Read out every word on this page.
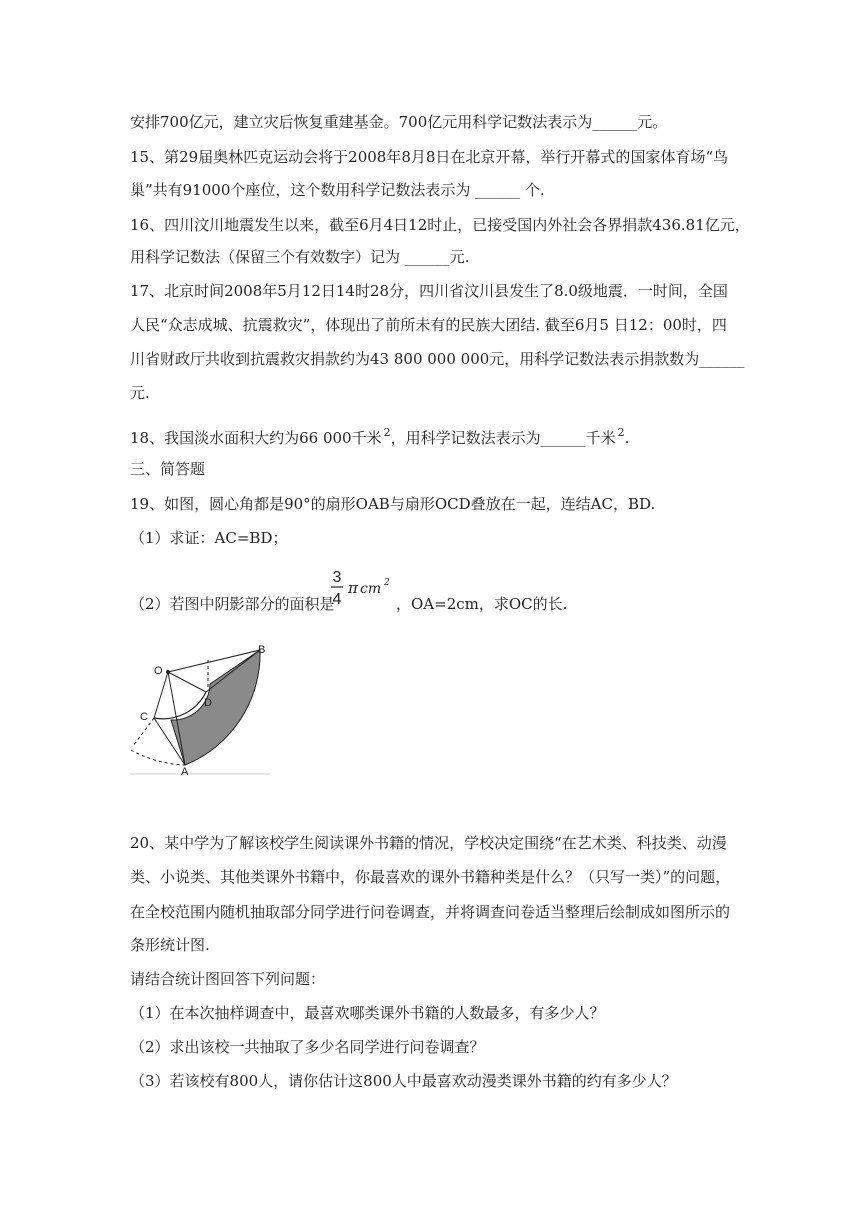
安排700亿元，建立灾后恢复重建基金。700亿元用科学记数法表示为______元。
15、第29届奥林匹克运动会将于2008年8月8日在北京开幕，举行开幕式的国家体育场“鸟
巢”共有91000个座位，这个数用科学记数法表示为 ______ 个.
16、四川汶川地震发生以来，截至6月4日12时止，已接受国内外社会各界捐款436.81亿元，
用科学记数法（保留三个有效数字）记为 ______元.
17、北京时间2008年5月12日14时28分，四川省汶川县发生了8.0级地震．一时间，全国
人民“众志成城、抗震救灾”，体现出了前所未有的民族大团结. 截至6月5 日12：00时，四
川省财政厅共收到抗震救灾捐款约为43 800 000 000元，用科学记数法表示捐款数为______
元.
18、我国淡水面积大约为66 000千米 $^2$，用科学记数法表示为______千米 $^2$.
三、简答题
19、如图，圆心角都是90°的扇形OAB与扇形OCD叠放在一起，连结AC，BD.
（1）求证：AC=BD；
（2）若图中阴影部分的面积是
3
4
π cm 2
，OA=2cm，求OC的长.
O
B
C
D
A
20、某中学为了解该校学生阅读课外书籍的情况，学校决定围绕“在艺术类、科技类、动漫
类、小说类、其他类课外书籍中，你最喜欢的课外书籍种类是什么？（只写一类）”的问题，
在全校范围内随机抽取部分同学进行问卷调查，并将调查问卷适当整理后绘制成如图所示的
条形统计图.
请结合统计图回答下列问题：
（1）在本次抽样调查中，最喜欢哪类课外书籍的人数最多，有多少人？
（2）求出该校一共抽取了多少名同学进行问卷调查？
（3）若该校有800人，请你估计这800人中最喜欢动漫类课外书籍的约有多少人？
